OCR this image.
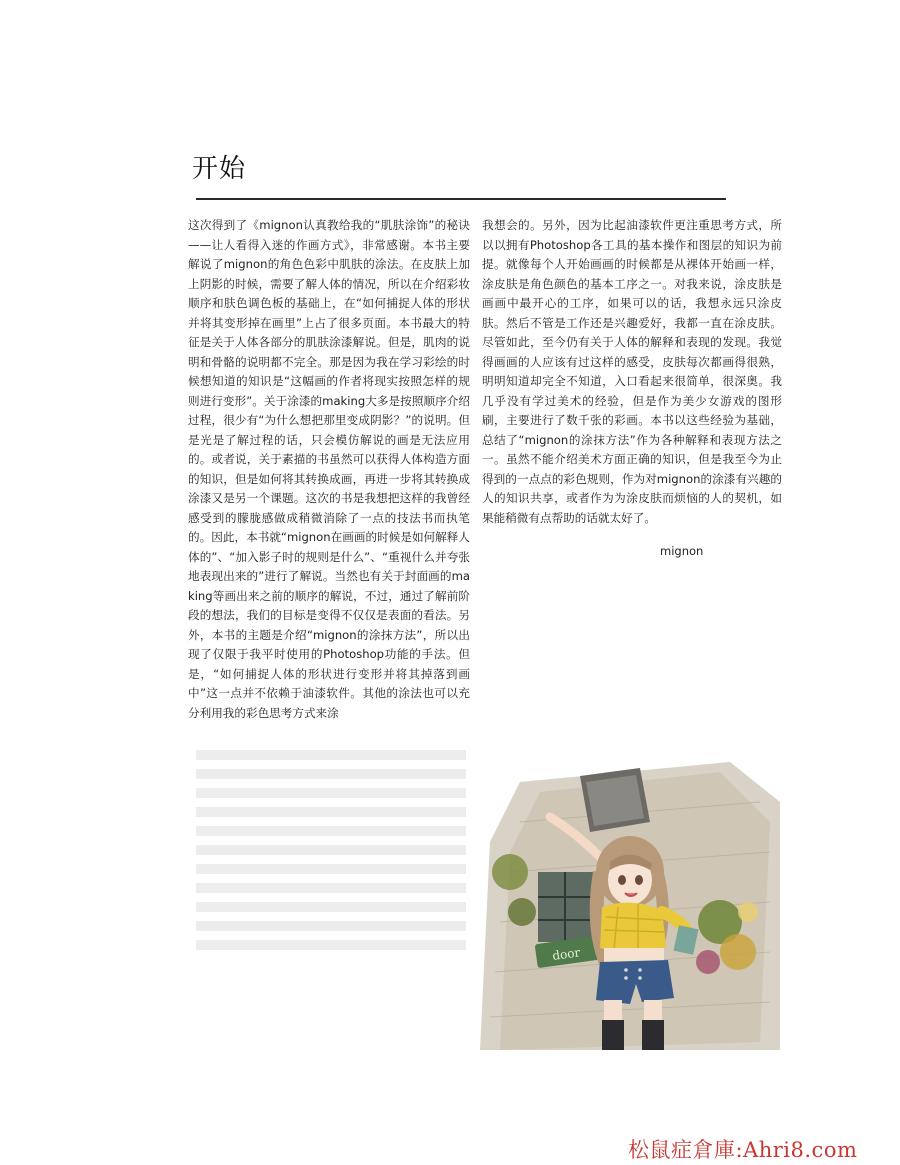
开始
这次得到了《mignon认真教给我的“肌肤涂饰”的秘诀——让人看得入迷的作画方式》，非常感谢。本书主要解说了mignon的角色色彩中肌肤的涂法。在皮肤上加上阴影的时候，需要了解人体的情况，所以在介绍彩妆顺序和肤色调色板的基础上，在“如何捕捉人体的形状并将其变形掉在画里”上占了很多页面。本书最大的特征是关于人体各部分的肌肤涂漆解说。但是，肌肉的说明和骨骼的说明都不完全。那是因为我在学习彩绘的时候想知道的知识是“这幅画的作者将现实按照怎样的规则进行变形”。关于涂漆的making大多是按照顺序介绍过程，很少有“为什么想把那里变成阴影？”的说明。但是光是了解过程的话，只会模仿解说的画是无法应用的。或者说，关于素描的书虽然可以获得人体构造方面的知识，但是如何将其转换成画，再进一步将其转换成涂漆又是另一个课题。这次的书是我想把这样的我曾经感受到的朦胧感做成稍微消除了一点的技法书而执笔的。因此，本书就“mignon在画画的时候是如何解释人体的”、“加入影子时的规则是什么”、“重视什么并夸张地表现出来的”进行了解说。当然也有关于封面画的making等画出来之前的顺序的解说，不过，通过了解前阶段的想法，我们的目标是变得不仅仅是表面的看法。另外，本书的主题是介绍“mignon的涂抹方法”，所以出现了仅限于我平时使用的Photoshop功能的手法。但是，“如何捕捉人体的形状进行变形并将其掉落到画中”这一点并不依赖于油漆软件。其他的涂法也可以充分利用我的彩色思考方式来涂
我想会的。另外，因为比起油漆软件更注重思考方式，所以以拥有Photoshop各工具的基本操作和图层的知识为前提。就像每个人开始画画的时候都是从裸体开始画一样，涂皮肤是角色颜色的基本工序之一。对我来说，涂皮肤是画画中最开心的工序，如果可以的话，我想永远只涂皮肤。然后不管是工作还是兴趣爱好，我都一直在涂皮肤。尽管如此，至今仍有关于人体的解释和表现的发现。我觉得画画的人应该有过这样的感受，皮肤每次都画得很熟，明明知道却完全不知道，入口看起来很简单，很深奥。我几乎没有学过美术的经验，但是作为美少女游戏的图形刷，主要进行了数千张的彩画。本书以这些经验为基础，总结了“mignon的涂抹方法”作为各种解释和表现方法之一。虽然不能介绍美术方面正确的知识，但是我至今为止得到的一点点的彩色规则，作为对mignon的涂漆有兴趣的人的知识共享，或者作为为涂皮肤而烦恼的人的契机，如果能稍微有点帮助的话就太好了。
mignon
door
松鼠症倉庫:Ahri8.com
